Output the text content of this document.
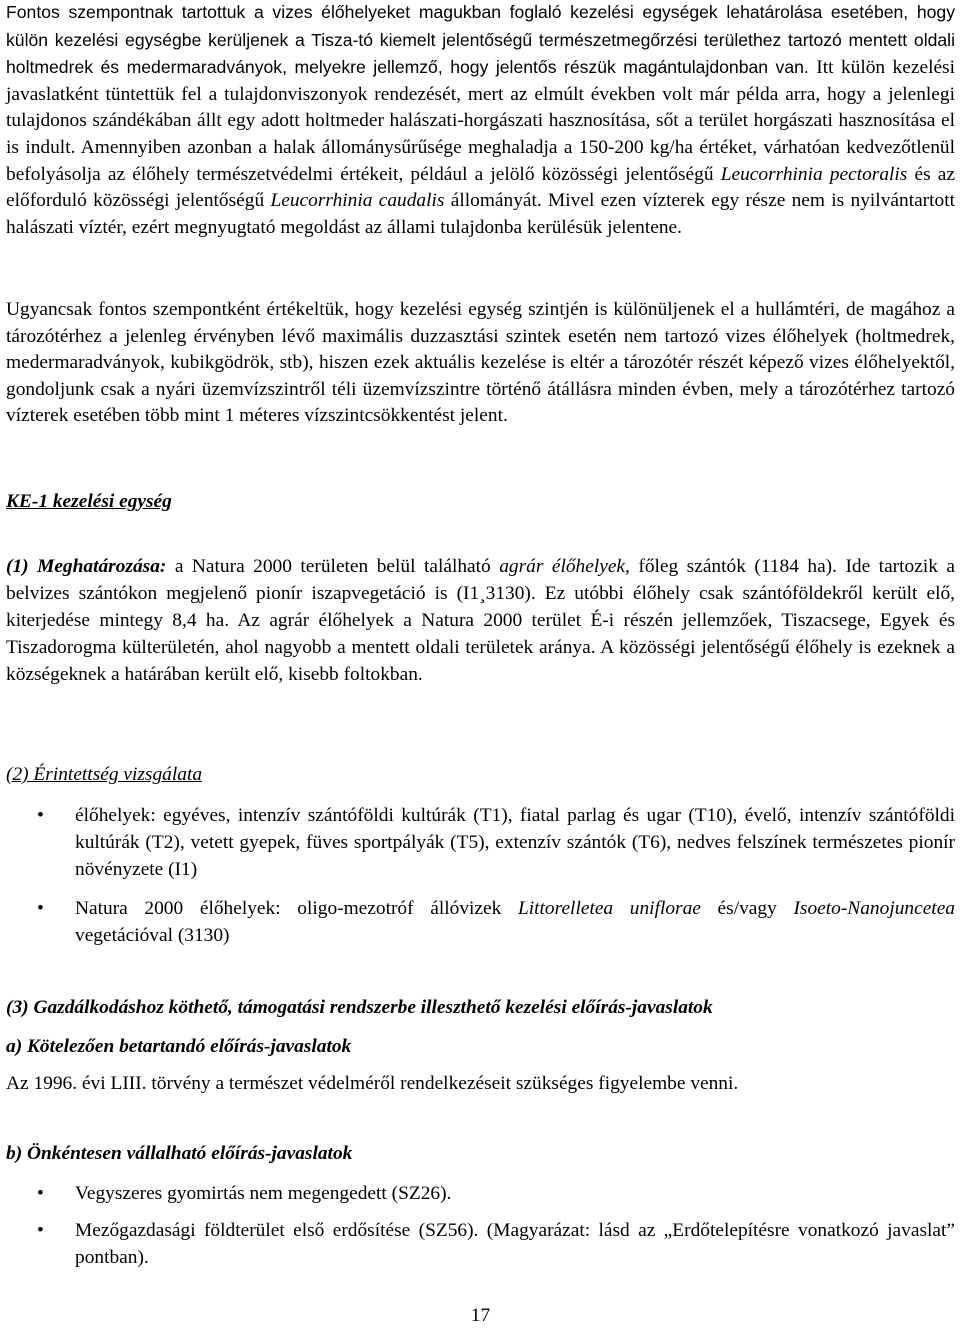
Fontos szempontnak tartottuk a vizes élőhelyeket magukban foglaló kezelési egységek lehatárolása esetében, hogy külön kezelési egységbe kerüljenek a Tisza-tó kiemelt jelentőségű természetmegőrzési területhez tartozó mentett oldali holtmedrek és medermaradványok, melyekre jellemző, hogy jelentős részük magántulajdonban van. Itt külön kezelési javaslatként tüntettük fel a tulajdonviszonyok rendezését, mert az elmúlt években volt már példa arra, hogy a jelenlegi tulajdonos szándékában állt egy adott holtmeder halászati-horgászati hasznosítása, sőt a terület horgászati hasznosítása el is indult. Amennyiben azonban a halak állománysűrűsége meghaladja a 150-200 kg/ha értéket, várhatóan kedvezőtlenül befolyásolja az élőhely természetvédelmi értékeit, például a jelölő közösségi jelentőségű Leucorrhinia pectoralis és az előforduló közösségi jelentőségű Leucorrhinia caudalis állományát. Mivel ezen vízterek egy része nem is nyilvántartott halászati víztér, ezért megnyugtató megoldást az állami tulajdonba kerülésük jelentene.

Ugyancsak fontos szempontként értékeltük, hogy kezelési egység szintjén is különüljenek el a hullámtéri, de magához a tározótérhez a jelenleg érvényben lévő maximális duzzasztási szintek esetén nem tartozó vizes élőhelyek (holtmedrek, medermaradványok, kubikgödrök, stb), hiszen ezek aktuális kezelése is eltér a tározótér részét képező vizes élőhelyektől, gondoljunk csak a nyári üzemvízszintről téli üzemvízszintre történő átállásra minden évben, mely a tározótérhez tartozó vízterek esetében több mint 1 méteres vízszintcsökkentést jelent.

KE-1 kezelési egység

(1) Meghatározása: a Natura 2000 területen belül található agrár élőhelyek, főleg szántók (1184 ha). Ide tartozik a belvizes szántókon megjelenő pionír iszapvegetáció is (I1¸3130). Ez utóbbi élőhely csak szántóföldekről került elő, kiterjedése mintegy 8,4 ha. Az agrár élőhelyek a Natura 2000 terület É-i részén jellemzőek, Tiszacsege, Egyek és Tiszadorogma külterületén, ahol nagyobb a mentett oldali területek aránya. A közösségi jelentőségű élőhely is ezeknek a községeknek a határában került elő, kisebb foltokban.

(2) Érintettség vizsgálata

• élőhelyek: egyéves, intenzív szántóföldi kultúrák (T1), fiatal parlag és ugar (T10), évelő, intenzív szántóföldi kultúrák (T2), vetett gyepek, füves sportpályák (T5), extenzív szántók (T6), nedves felszínek természetes pionír növényzete (I1)
• Natura 2000 élőhelyek: oligo-mezotróf állóvizek Littorelletea uniflorae és/vagy Isoeto-Nanojuncetea vegetációval (3130)

(3) Gazdálkodáshoz köthető, támogatási rendszerbe illeszthető kezelési előírás-javaslatok

a) Kötelezően betartandó előírás-javaslatok

Az 1996. évi LIII. törvény a természet védelméről rendelkezéseit szükséges figyelembe venni.

b) Önkéntesen vállalható előírás-javaslatok

• Vegyszeres gyomirtás nem megengedett (SZ26).
• Mezőgazdasági földterület első erdősítése (SZ56). (Magyarázat: lásd az „Erdőtelepítésre vonatkozó javaslat” pontban).
17
